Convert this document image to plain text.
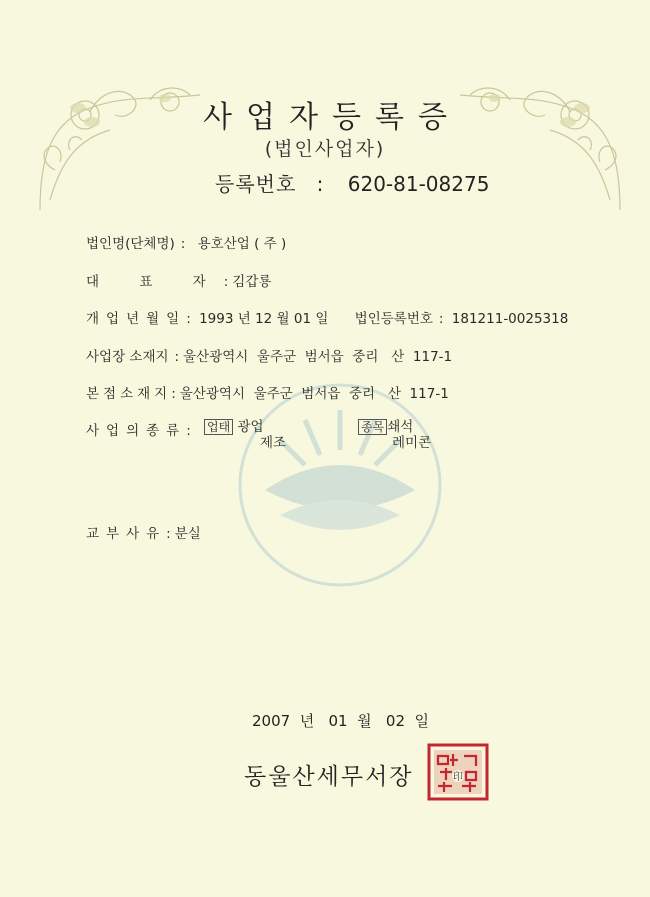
사업자등록증
(법인사업자)
등록번호 : 620-81-08275
법인명(단체명) : 용호산업 ( 주 )
대 표 자: 김갑룡
개업년월일: 1993 년 12 월 01 일 법인등록번호 : 181211-0025318
사업장 소재지 : 울산광역시  울주군  범서읍  중리   산  117-1
본점소재지: 울산광역시  울주군  범서읍  중리   산  117-1
사업의종류:	업태 광업
제조
종목 쇄석
레미콘
교부사유: 분실
2007  년   01  월   02  일
동울산세무서장	印
